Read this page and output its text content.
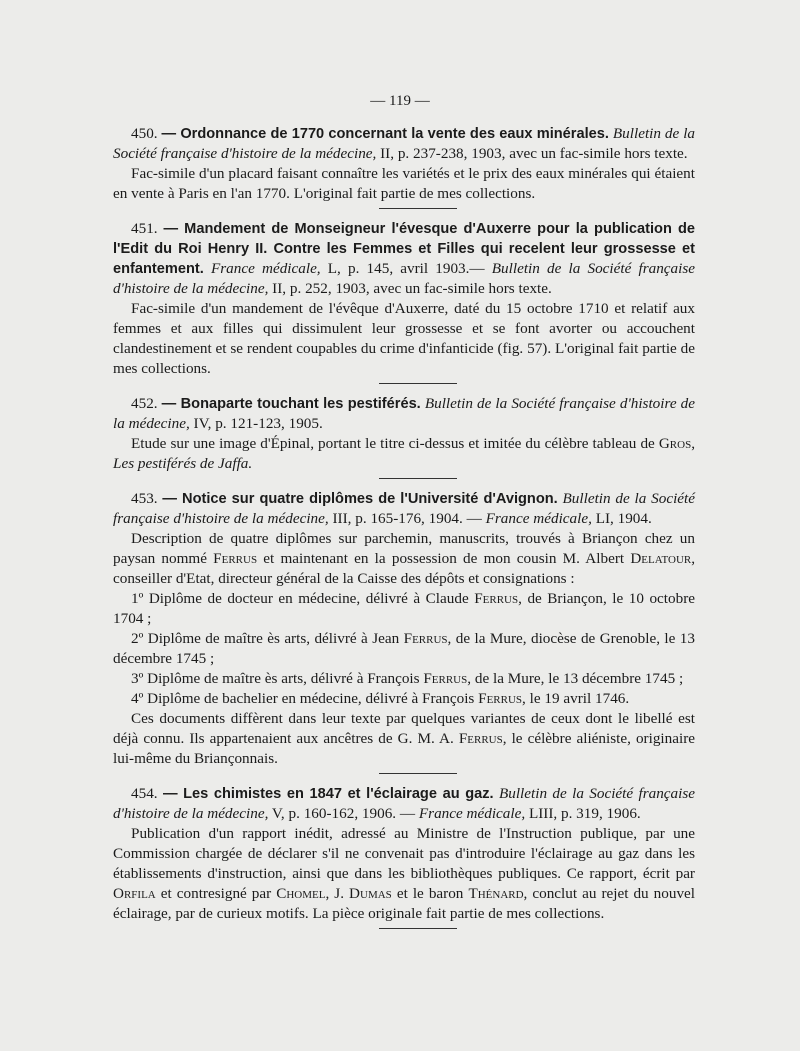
— 119 —

450. — Ordonnance de 1770 concernant la vente des eaux minérales. Bulletin de la Société française d'histoire de la médecine, II, p. 237-238, 1903, avec un fac-simile hors texte.

Fac-simile d'un placard faisant connaître les variétés et le prix des eaux minérales qui étaient en vente à Paris en l'an 1770. L'original fait partie de mes collections.

451. — Mandement de Monseigneur l'évesque d'Auxerre pour la publication de l'Edit du Roi Henry II. Contre les Femmes et Filles qui recelent leur grossesse et enfantement. France médicale, L, p. 145, avril 1903.— Bulletin de la Société française d'histoire de la médecine, II, p. 252, 1903, avec un fac-simile hors texte.

Fac-simile d'un mandement de l'évêque d'Auxerre, daté du 15 octobre 1710 et relatif aux femmes et aux filles qui dissimulent leur grossesse et se font avorter ou accouchent clandestinement et se rendent coupables du crime d'infanticide (fig. 57). L'original fait partie de mes collections.

452. — Bonaparte touchant les pestiférés. Bulletin de la Société française d'histoire de la médecine, IV, p. 121-123, 1905.

Etude sur une image d'Épinal, portant le titre ci-dessus et imitée du célèbre tableau de Gros, Les pestiférés de Jaffa.

453. — Notice sur quatre diplômes de l'Université d'Avignon. Bulletin de la Société française d'histoire de la médecine, III, p. 165-176, 1904. — France médicale, LI, 1904.

Description de quatre diplômes sur parchemin, manuscrits, trouvés à Briançon chez un paysan nommé Ferrus et maintenant en la possession de mon cousin M. Albert Delatour, conseiller d'Etat, directeur général de la Caisse des dépôts et consignations :

1º Diplôme de docteur en médecine, délivré à Claude Ferrus, de Briançon, le 10 octobre 1704 ;

2º Diplôme de maître ès arts, délivré à Jean Ferrus, de la Mure, diocèse de Grenoble, le 13 décembre 1745 ;

3º Diplôme de maître ès arts, délivré à François Ferrus, de la Mure, le 13 décembre 1745 ;

4º Diplôme de bachelier en médecine, délivré à François Ferrus, le 19 avril 1746.

Ces documents diffèrent dans leur texte par quelques variantes de ceux dont le libellé est déjà connu. Ils appartenaient aux ancêtres de G. M. A. Ferrus, le célèbre aliéniste, originaire lui-même du Briançonnais.

454. — Les chimistes en 1847 et l'éclairage au gaz. Bulletin de la Société française d'histoire de la médecine, V, p. 160-162, 1906. — France médicale, LIII, p. 319, 1906.

Publication d'un rapport inédit, adressé au Ministre de l'Instruction publique, par une Commission chargée de déclarer s'il ne convenait pas d'introduire l'éclairage au gaz dans les établissements d'instruction, ainsi que dans les bibliothèques publiques. Ce rapport, écrit par Orfila et contresigné par Chomel, J. Dumas et le baron Thénard, conclut au rejet du nouvel éclairage, par de curieux motifs. La pièce originale fait partie de mes collections.
